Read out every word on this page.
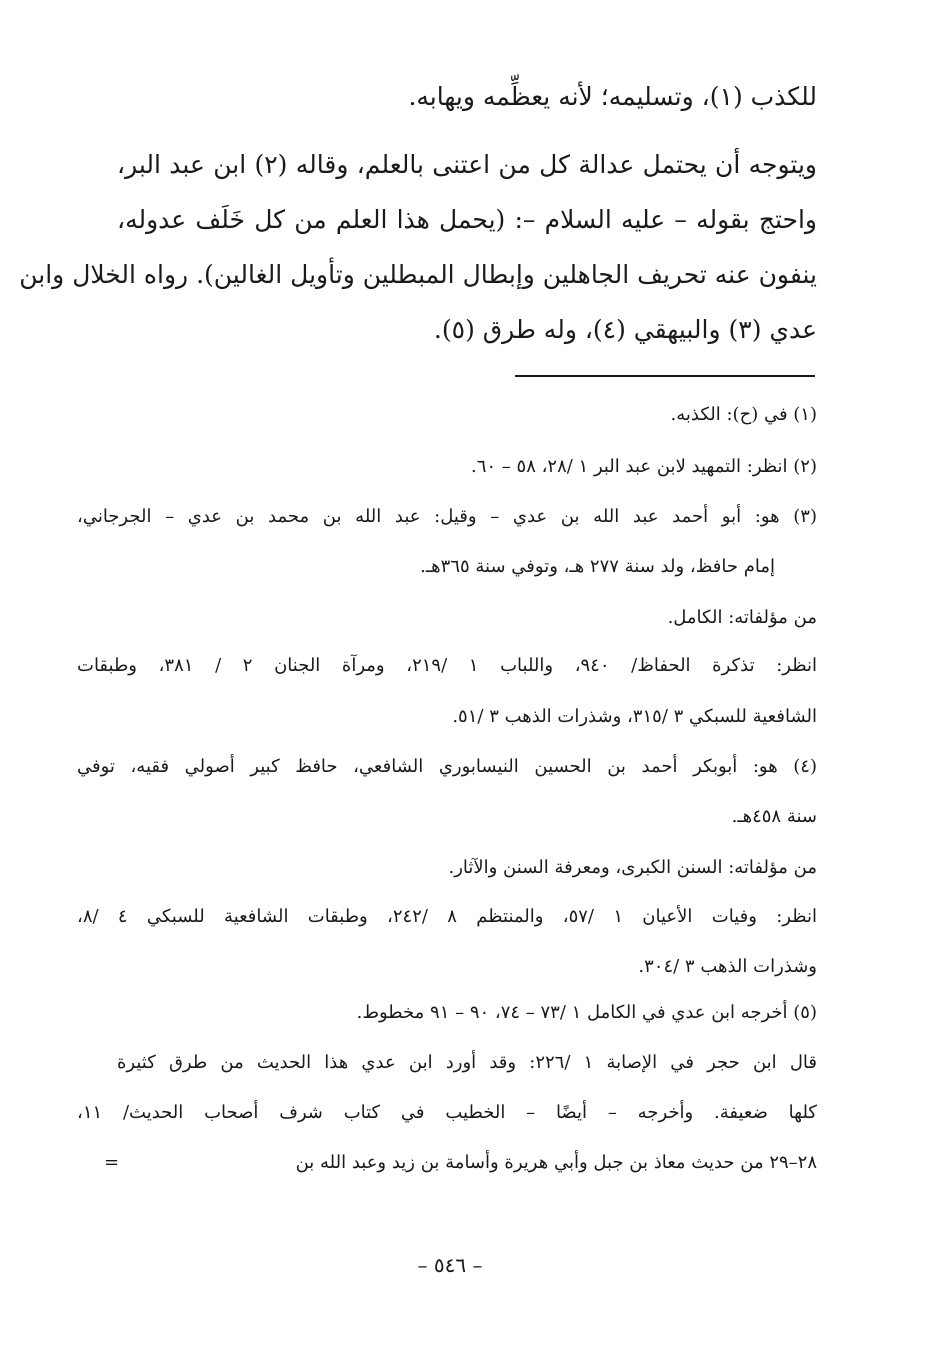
للكذب (١)، وتسليمه؛ لأنه يعظِّمه ويهابه.
ويتوجه أن يحتمل عدالة كل من اعتنى بالعلم، وقاله (٢) ابن عبد البر،
واحتج بقوله – عليه السلام –: (يحمل هذا العلم من كل خَلَف عدوله،
ينفون عنه تحريف الجاهلين وإبطال المبطلين وتأويل الغالين). رواه الخلال وابن
عدي (٣) والبيهقي (٤)، وله طرق (٥).
(١) في (ح): الكذبه.
(٢) انظر: التمهيد لابن عبد البر ١ /٢٨، ٥٨ – ٦٠.
(٣) هو: أبو أحمد عبد الله بن عدي – وقيل: عبد الله بن محمد بن عدي – الجرجاني،
إمام حافظ، ولد سنة ٢٧٧ هـ، وتوفي سنة ٣٦٥هـ.
من مؤلفاته: الكامل.
انظر: تذكرة الحفاظ/ ٩٤٠، واللباب ١ /٢١٩، ومرآة الجنان ٢ / ٣٨١، وطبقات
الشافعية للسبكي ٣ /٣١٥، وشذرات الذهب ٣ /٥١.
(٤) هو: أبوبكر أحمد بن الحسين النيسابوري الشافعي، حافظ كبير أصولي فقيه، توفي
سنة ٤٥٨هـ.
من مؤلفاته: السنن الكبرى، ومعرفة السنن والآثار.
انظر: وفيات الأعيان ١ /٥٧، والمنتظم ٨ /٢٤٢، وطبقات الشافعية للسبكي ٤ /٨،
وشذرات الذهب ٣ /٣٠٤.
(٥) أخرجه ابن عدي في الكامل ١ /٧٣ – ٧٤، ٩٠ – ٩١ مخطوط.
قال ابن حجر في الإصابة ١ /٢٢٦: وقد أورد ابن عدي هذا الحديث من طرق كثيرة
كلها ضعيفة. وأخرجه – أيضًا – الخطيب في كتاب شرف أصحاب الحديث/ ١١،
٢٨–٢٩ من حديث معاذ بن جبل وأبي هريرة وأسامة بن زيد وعبد الله بن
=
– ٥٤٦ –
